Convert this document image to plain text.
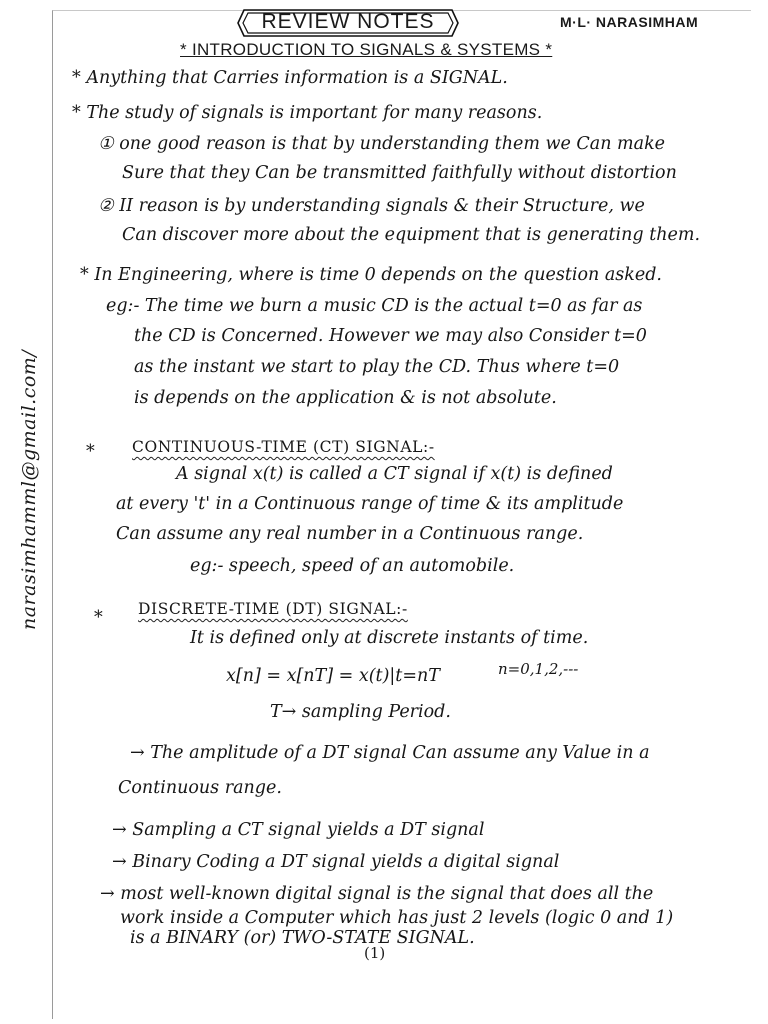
REVIEW NOTES	M·L· NARASIMHAM
* INTRODUCTION TO SIGNALS & SYSTEMS *
narasimhamml@gmail.com/
* Anything that Carries information is a SIGNAL.
* The study of signals is important for many reasons.
① one good reason is that by understanding them we Can make
Sure that they Can be transmitted faithfully without distortion
② II reason is by understanding signals & their Structure, we
Can discover more about the equipment that is generating them.
* In Engineering, where is time 0 depends on the question asked.
eg:- The time we burn a music CD is the actual t=0 as far as
the CD is Concerned. However we may also Consider t=0
as the instant we start to play the CD. Thus where t=0
is depends on the application & is not absolute.
* CONTINUOUS-TIME (CT) SIGNAL:-
A signal x(t) is called a CT signal if x(t) is defined
at every 't' in a Continuous range of time & its amplitude
Can assume any real number in a Continuous range.
eg:- speech, speed of an automobile.
* DISCRETE-TIME (DT) SIGNAL:-
It is defined only at discrete instants of time.
x[n] = x[nT] = x(t)|t=nT	n=0,1,2,---
T→ sampling Period.
→ The amplitude of a DT signal Can assume any Value in a
Continuous range.
→ Sampling a CT signal yields a DT signal
→ Binary Coding a DT signal yields a digital signal
→ most well-known digital signal is the signal that does all the
work inside a Computer which has just 2 levels (logic 0 and 1)
is a BINARY (or) TWO-STATE SIGNAL.
(1)
